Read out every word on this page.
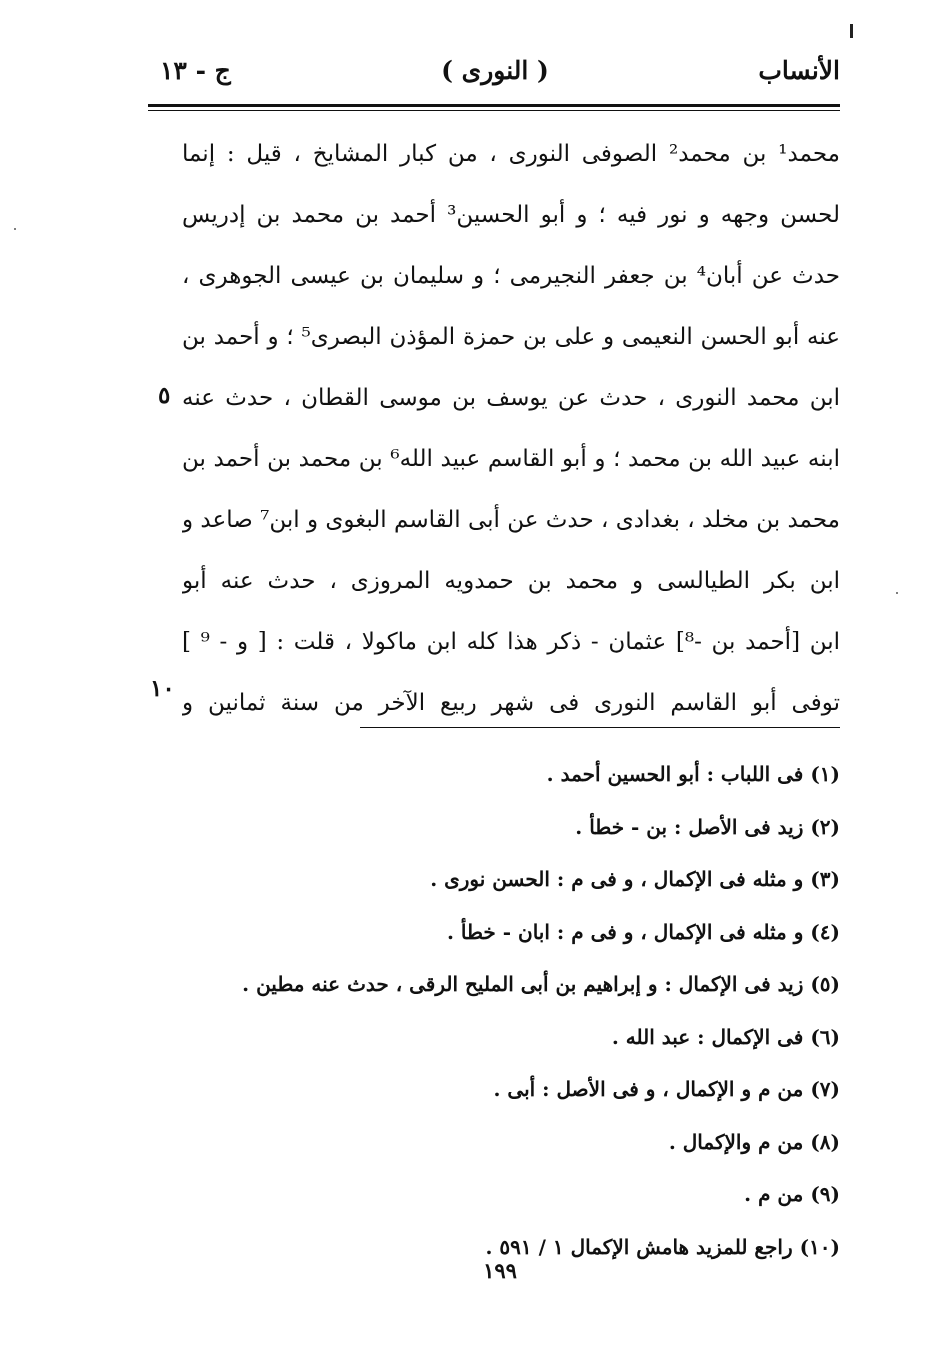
الأنساب
( النورى )
ج - ١٣
محمد¹ بن محمد² الصوفى النورى ، من كبار المشايخ ، قيل : إنما
لحسن وجهه و نور فيه ؛ و أبو الحسين³ أحمد بن محمد بن إدريس
حدث عن أبان⁴ بن جعفر النجيرمى ؛ و سليمان بن عيسى الجوهرى ،
عنه أبو الحسن النعيمى و على بن حمزة المؤذن البصرى⁵ ؛ و أحمد بن
ابن محمد النورى ، حدث عن يوسف بن موسى القطان ، حدث عنه
ابنه عبيد الله بن محمد ؛ و أبو القاسم عبيد الله⁶ بن محمد بن أحمد بن
محمد بن مخلد ، بغدادى ، حدث عن أبى القاسم البغوى و ابن⁷ صاعد و
ابن بكر الطيالسى و محمد بن حمدويه المروزى ، حدث عنه أبو
ابن [أحمد بن -⁸] عثمان - ذكر هذا كله ابن ماكولا ، قلت : [ و - ⁹ ]
توفى أبو القاسم النورى فى شهر ربيع الآخر من سنة ثمانين و
٥
١٠
(١) فى اللباب : أبو الحسين أحمد .
(٢) زيد فى الأصل : بن - خطأ .
(٣) و مثله فى الإكمال ، و فى م : الحسن نورى .
(٤) و مثله فى الإكمال ، و فى م : ابان - خطأ .
(٥) زيد فى الإكمال : و إبراهيم بن أبى المليح الرقى ، حدث عنه مطين .
(٦) فى الإكمال : عبد الله .
(٧) من م و الإكمال ، و فى الأصل : أبى .
(٨) من م والإكمال .
(٩) من م .
(١٠) راجع للمزيد هامش الإكمال ١ / ٥٩١ .
١٩٩
